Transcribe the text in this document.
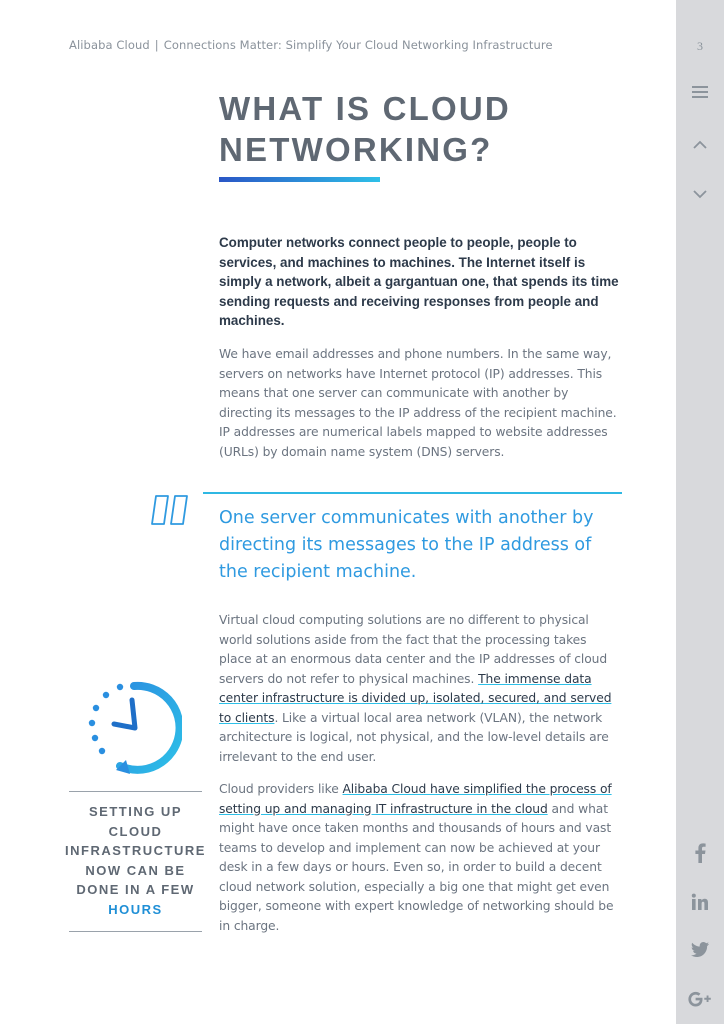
Alibaba Cloud | Connections Matter: Simplify Your Cloud Networking Infrastructure
WHAT IS CLOUD
NETWORKING?

Computer networks connect people to people, people to services, and machines to machines. The Internet itself is simply a network, albeit a gargantuan one, that spends its time sending requests and receiving responses from people and machines.

We have email addresses and phone numbers. In the same way, servers on networks have Internet protocol (IP) addresses. This means that one server can communicate with another by directing its messages to the IP address of the recipient machine. IP addresses are numerical labels mapped to website addresses (URLs) by domain name system (DNS) servers.

One server communicates with another by directing its messages to the IP address of the recipient machine.

Virtual cloud computing solutions are no different to physical world solutions aside from the fact that the processing takes place at an enormous data center and the IP addresses of cloud servers do not refer to physical machines. The immense data center infrastructure is divided up, isolated, secured, and served to clients. Like a virtual local area network (VLAN), the network architecture is logical, not physical, and the low-level details are irrelevant to the end user.

Cloud providers like Alibaba Cloud have simplified the process of setting up and managing IT infrastructure in the cloud and what might have once taken months and thousands of hours and vast teams to develop and implement can now be achieved at your desk in a few days or hours. Even so, in order to build a decent cloud network solution, especially a big one that might get even bigger, someone with expert knowledge of networking should be in charge.

SETTING UP CLOUD INFRASTRUCTURE NOW CAN BE DONE IN A FEW
HOURS
3
